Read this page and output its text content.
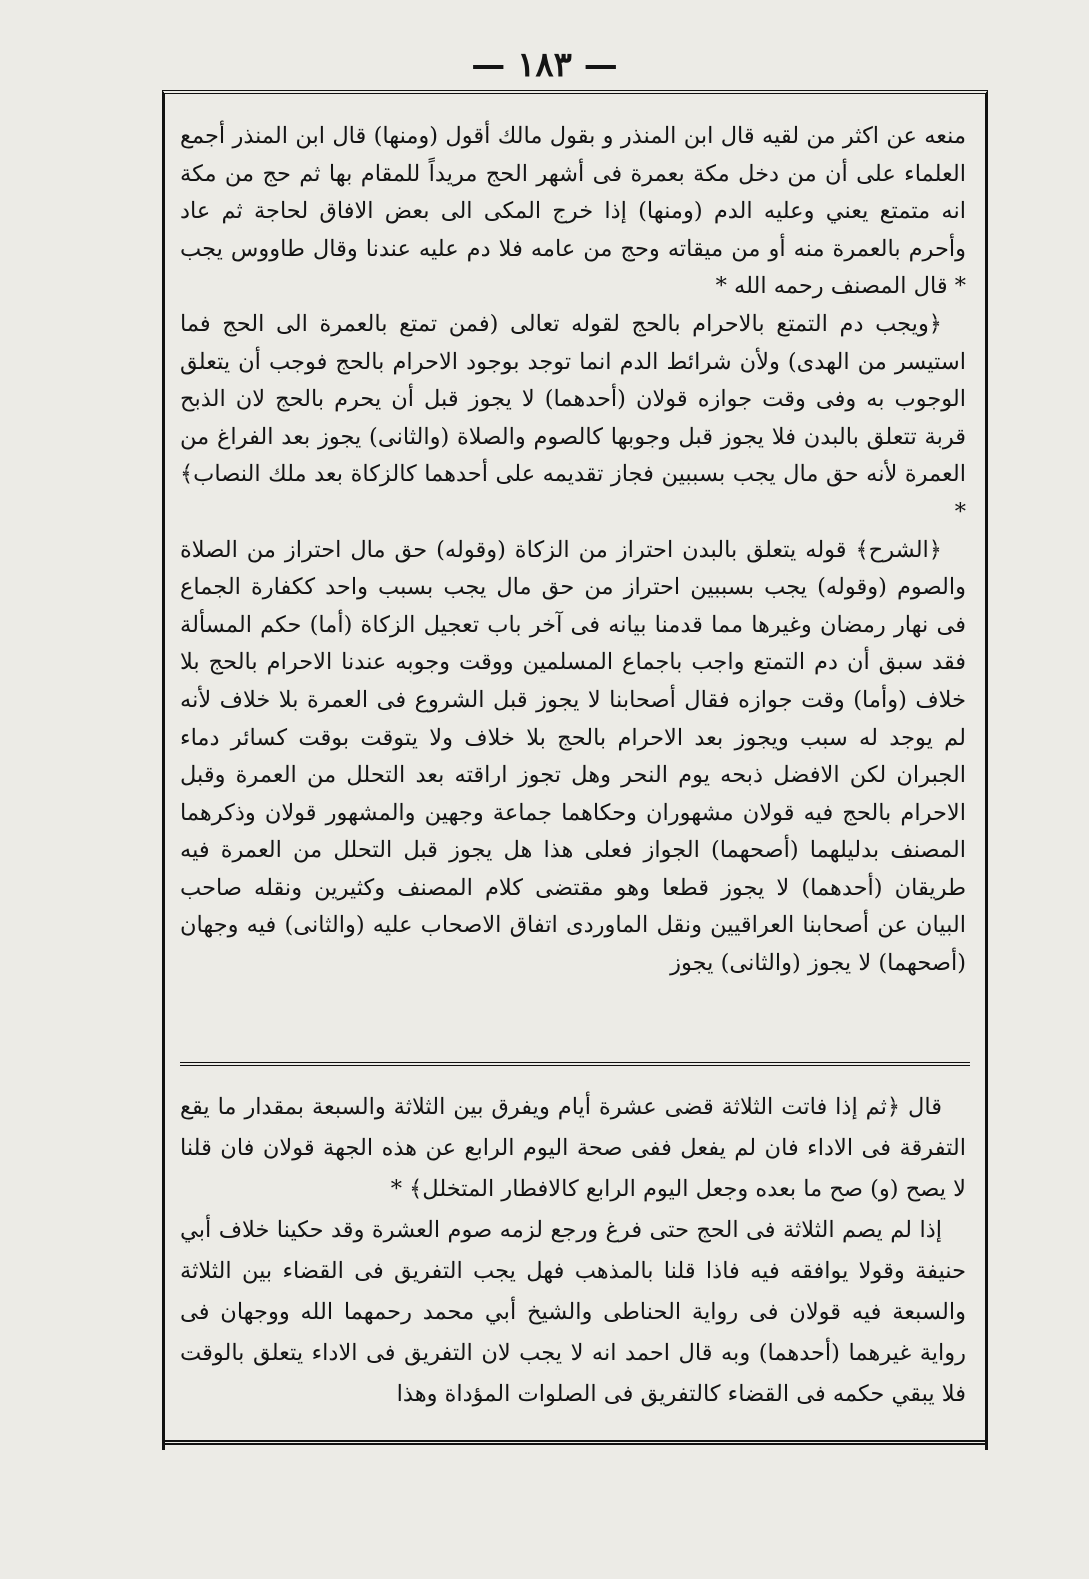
— ١٨٣ —

منعه عن اكثر من لقيه قال ابن المنذر و بقول مالك أقول (ومنها) قال ابن المنذر أجمع العلماء على أن من دخل مكة بعمرة فى أشهر الحج مريداً للمقام بها ثم حج من مكة انه متمتع يعني وعليه الدم (ومنها) إذا خرج المكى الى بعض الافاق لحاجة ثم عاد وأحرم بالعمرة منه أو من ميقاته وحج من عامه فلا دم عليه عندنا وقال طاووس يجب * قال المصنف رحمه الله *

﴿ويجب دم التمتع بالاحرام بالحج لقوله تعالى (فمن تمتع بالعمرة الى الحج فما استيسر من الهدى) ولأن شرائط الدم انما توجد بوجود الاحرام بالحج فوجب أن يتعلق الوجوب به وفى وقت جوازه قولان (أحدهما) لا يجوز قبل أن يحرم بالحج لان الذبح قربة تتعلق بالبدن فلا يجوز قبل وجوبها كالصوم والصلاة (والثانى) يجوز بعد الفراغ من العمرة لأنه حق مال يجب بسببين فجاز تقديمه على أحدهما كالزكاة بعد ملك النصاب﴾ *

﴿الشرح﴾ قوله يتعلق بالبدن احتراز من الزكاة (وقوله) حق مال احتراز من الصلاة والصوم (وقوله) يجب بسببين احتراز من حق مال يجب بسبب واحد ككفارة الجماع فى نهار رمضان وغيرها مما قدمنا بيانه فى آخر باب تعجيل الزكاة (أما) حكم المسألة فقد سبق أن دم التمتع واجب باجماع المسلمين ووقت وجوبه عندنا الاحرام بالحج بلا خلاف (وأما) وقت جوازه فقال أصحابنا لا يجوز قبل الشروع فى العمرة بلا خلاف لأنه لم يوجد له سبب ويجوز بعد الاحرام بالحج بلا خلاف ولا يتوقت بوقت كسائر دماء الجبران لكن الافضل ذبحه يوم النحر وهل تجوز اراقته بعد التحلل من العمرة وقبل الاحرام بالحج فيه قولان مشهوران وحكاهما جماعة وجهين والمشهور قولان وذكرهما المصنف بدليلهما (أصحهما) الجواز فعلى هذا هل يجوز قبل التحلل من العمرة فيه طريقان (أحدهما) لا يجوز قطعا وهو مقتضى كلام المصنف وكثيرين ونقله صاحب البيان عن أصحابنا العراقيين ونقل الماوردى اتفاق الاصحاب عليه (والثانى) فيه وجهان (أصحهما) لا يجوز (والثانى) يجوز

قال ﴿ثم إذا فاتت الثلاثة قضى عشرة أيام ويفرق بين الثلاثة والسبعة بمقدار ما يقع التفرقة فى الاداء فان لم يفعل ففى صحة اليوم الرابع عن هذه الجهة قولان فان قلنا لا يصح (و) صح ما بعده وجعل اليوم الرابع كالافطار المتخلل﴾ *

إذا لم يصم الثلاثة فى الحج حتى فرغ ورجع لزمه صوم العشرة وقد حكينا خلاف أبي حنيفة وقولا يوافقه فيه فاذا قلنا بالمذهب فهل يجب التفريق فى القضاء بين الثلاثة والسبعة فيه قولان فى رواية الحناطى والشيخ أبي محمد رحمهما الله ووجهان فى رواية غيرهما (أحدهما) وبه قال احمد انه لا يجب لان التفريق فى الاداء يتعلق بالوقت فلا يبقي حكمه فى القضاء كالتفريق فى الصلوات المؤداة وهذا
